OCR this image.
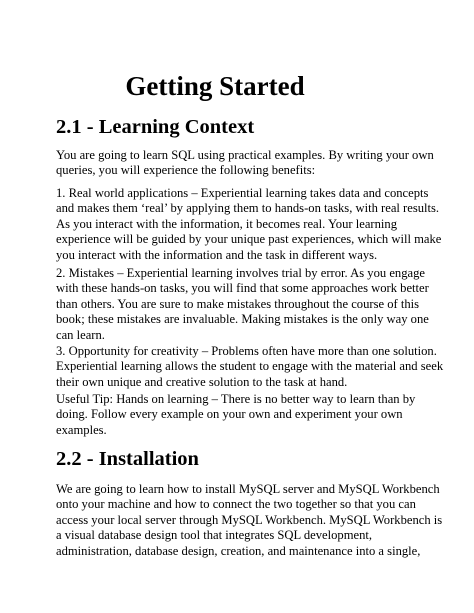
Getting Started
2.1 - Learning Context

You are going to learn SQL using practical examples. By writing your own
queries, you will experience the following benefits:

1. Real world applications – Experiential learning takes data and concepts
and makes them ‘real’ by applying them to hands-on tasks, with real results.
As you interact with the information, it becomes real. Your learning
experience will be guided by your unique past experiences, which will make
you interact with the information and the task in different ways.

2. Mistakes – Experiential learning involves trial by error. As you engage
with these hands-on tasks, you will find that some approaches work better
than others. You are sure to make mistakes throughout the course of this
book; these mistakes are invaluable. Making mistakes is the only way one
can learn.

3. Opportunity for creativity – Problems often have more than one solution.
Experiential learning allows the student to engage with the material and seek
their own unique and creative solution to the task at hand.

Useful Tip: Hands on learning – There is no better way to learn than by
doing. Follow every example on your own and experiment your own
examples.

2.2 - Installation

We are going to learn how to install MySQL server and MySQL Workbench
onto your machine and how to connect the two together so that you can
access your local server through MySQL Workbench. MySQL Workbench is
a visual database design tool that integrates SQL development,
administration, database design, creation, and maintenance into a single,
